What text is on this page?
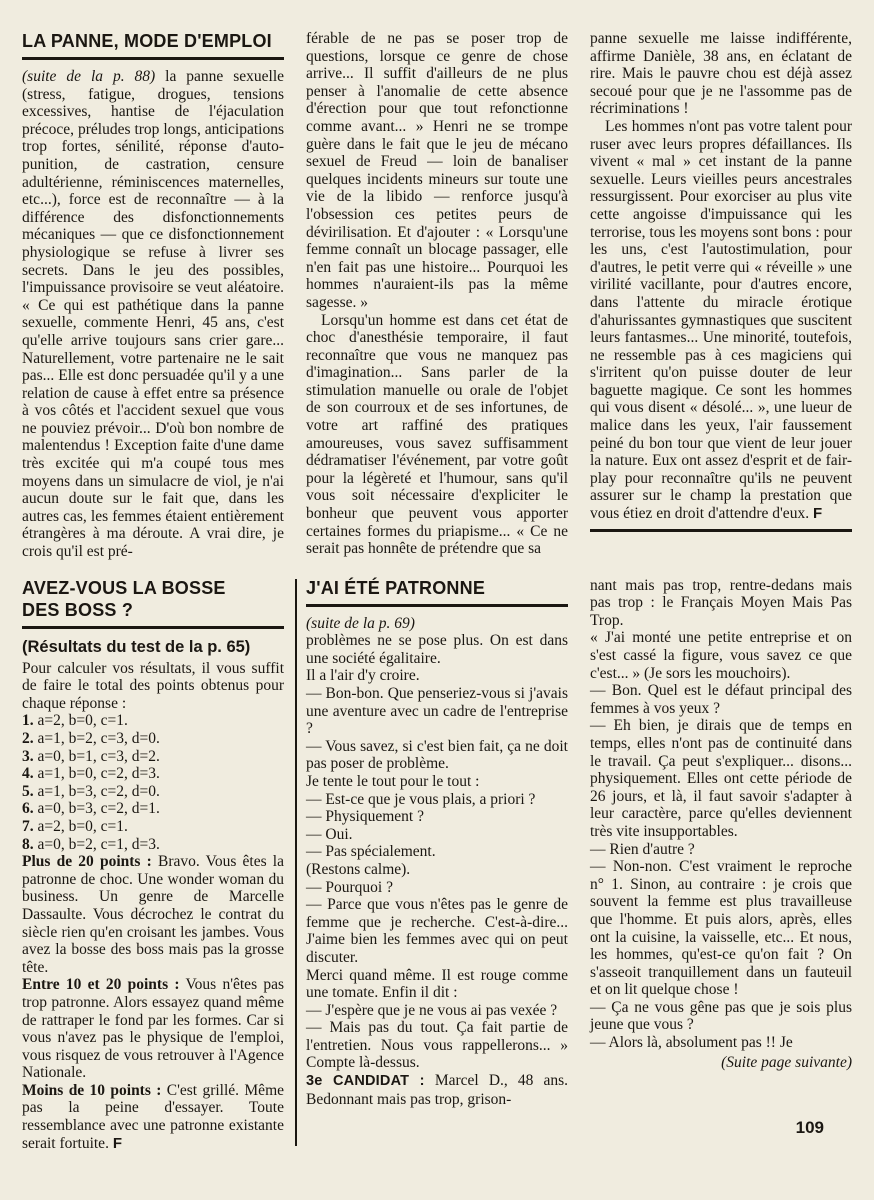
LA PANNE, MODE D'EMPLOI

(suite de la p. 88) la panne sexuelle (stress, fatigue, drogues, tensions excessives, hantise de l'éjaculation précoce, préludes trop longs, anticipations trop fortes, sénilité, réponse d'auto-punition, de castration, censure adultérienne, réminiscences maternelles, etc...), force est de reconnaître — à la différence des disfonctionnements mécaniques — que ce disfonctionnement physiologique se refuse à livrer ses secrets. Dans le jeu des possibles, l'impuissance provisoire se veut aléatoire. « Ce qui est pathétique dans la panne sexuelle, commente Henri, 45 ans, c'est qu'elle arrive toujours sans crier gare... Naturellement, votre partenaire ne le sait pas... Elle est donc persuadée qu'il y a une relation de cause à effet entre sa présence à vos côtés et l'accident sexuel que vous ne pouviez prévoir... D'où bon nombre de malentendus ! Exception faite d'une dame très excitée qui m'a coupé tous mes moyens dans un simulacre de viol, je n'ai aucun doute sur le fait que, dans les autres cas, les femmes étaient entièrement étrangères à ma déroute. A vrai dire, je crois qu'il est pré-

férable de ne pas se poser trop de questions, lorsque ce genre de chose arrive... Il suffit d'ailleurs de ne plus penser à l'anomalie de cette absence d'érection pour que tout refonctionne comme avant... » Henri ne se trompe guère dans le fait que le jeu de mécano sexuel de Freud — loin de banaliser quelques incidents mineurs sur toute une vie de la libido — renforce jusqu'à l'obsession ces petites peurs de dévirilisation. Et d'ajouter : « Lorsqu'une femme connaît un blocage passager, elle n'en fait pas une histoire... Pourquoi les hommes n'auraient-ils pas la même sagesse. »

Lorsqu'un homme est dans cet état de choc d'anesthésie temporaire, il faut reconnaître que vous ne manquez pas d'imagination... Sans parler de la stimulation manuelle ou orale de l'objet de son courroux et de ses infortunes, de votre art raffiné des pratiques amoureuses, vous savez suffisamment dédramatiser l'événement, par votre goût pour la légèreté et l'humour, sans qu'il vous soit nécessaire d'expliciter le bonheur que peuvent vous apporter certaines formes du priapisme... « Ce ne serait pas honnête de prétendre que sa

panne sexuelle me laisse indifférente, affirme Danièle, 38 ans, en éclatant de rire. Mais le pauvre chou est déjà assez secoué pour que je ne l'assomme pas de récriminations !

Les hommes n'ont pas votre talent pour ruser avec leurs propres défaillances. Ils vivent « mal » cet instant de la panne sexuelle. Leurs vieilles peurs ancestrales ressurgissent. Pour exorciser au plus vite cette angoisse d'impuissance qui les terrorise, tous les moyens sont bons : pour les uns, c'est l'autostimulation, pour d'autres, le petit verre qui « réveille » une virilité vacillante, pour d'autres encore, dans l'attente du miracle érotique d'ahurissantes gymnastiques que suscitent leurs fantasmes... Une minorité, toutefois, ne ressemble pas à ces magiciens qui s'irritent qu'on puisse douter de leur baguette magique. Ce sont les hommes qui vous disent « désolé... », une lueur de malice dans les yeux, l'air faussement peiné du bon tour que vient de leur jouer la nature. Eux ont assez d'esprit et de fair-play pour reconnaître qu'ils ne peuvent assurer sur le champ la prestation que vous étiez en droit d'attendre d'eux. F

AVEZ-VOUS LA BOSSE
DES BOSS ?

(Résultats du test de la p. 65)

Pour calculer vos résultats, il vous suffit de faire le total des points obtenus pour chaque réponse :

1. a=2, b=0, c=1.

2. a=1, b=2, c=3, d=0.

3. a=0, b=1, c=3, d=2.

4. a=1, b=0, c=2, d=3.

5. a=1, b=3, c=2, d=0.

6. a=0, b=3, c=2, d=1.

7. a=2, b=0, c=1.

8. a=0, b=2, c=1, d=3.

Plus de 20 points : Bravo. Vous êtes la patronne de choc. Une wonder woman du business. Un genre de Marcelle Dassaulte. Vous décrochez le contrat du siècle rien qu'en croisant les jambes. Vous avez la bosse des boss mais pas la grosse tête.

Entre 10 et 20 points : Vous n'êtes pas trop patronne. Alors essayez quand même de rattraper le fond par les formes. Car si vous n'avez pas le physique de l'emploi, vous risquez de vous retrouver à l'Agence Nationale.

Moins de 10 points : C'est grillé. Même pas la peine d'essayer. Toute ressemblance avec une patronne existante serait fortuite. F

J'AI ÉTÉ PATRONNE

(suite de la p. 69)

problèmes ne se pose plus. On est dans une société égalitaire.

Il a l'air d'y croire.

— Bon-bon. Que penseriez-vous si j'avais une aventure avec un cadre de l'entreprise ?

— Vous savez, si c'est bien fait, ça ne doit pas poser de problème.

Je tente le tout pour le tout :

— Est-ce que je vous plais, a priori ?

— Physiquement ?

— Oui.

— Pas spécialement.

(Restons calme).

— Pourquoi ?

— Parce que vous n'êtes pas le genre de femme que je recherche. C'est-à-dire... J'aime bien les femmes avec qui on peut discuter.

Merci quand même. Il est rouge comme une tomate. Enfin il dit :

— J'espère que je ne vous ai pas vexée ?

— Mais pas du tout. Ça fait partie de l'entretien. Nous vous rappellerons... » Compte là-dessus.

3e CANDIDAT : Marcel D., 48 ans. Bedonnant mais pas trop, grison-

nant mais pas trop, rentre-dedans mais pas trop : le Français Moyen Mais Pas Trop.

« J'ai monté une petite entreprise et on s'est cassé la figure, vous savez ce que c'est... » (Je sors les mouchoirs).

— Bon. Quel est le défaut principal des femmes à vos yeux ?

— Eh bien, je dirais que de temps en temps, elles n'ont pas de continuité dans le travail. Ça peut s'expliquer... disons... physiquement. Elles ont cette période de 26 jours, et là, il faut savoir s'adapter à leur caractère, parce qu'elles deviennent très vite insupportables.

— Rien d'autre ?

— Non-non. C'est vraiment le reproche n° 1. Sinon, au contraire : je crois que souvent la femme est plus travailleuse que l'homme. Et puis alors, après, elles ont la cuisine, la vaisselle, etc... Et nous, les hommes, qu'est-ce qu'on fait ? On s'asseoit tranquillement dans un fauteuil et on lit quelque chose !

— Ça ne vous gêne pas que je sois plus jeune que vous ?

— Alors là, absolument pas !! Je

(Suite page suivante)

109
